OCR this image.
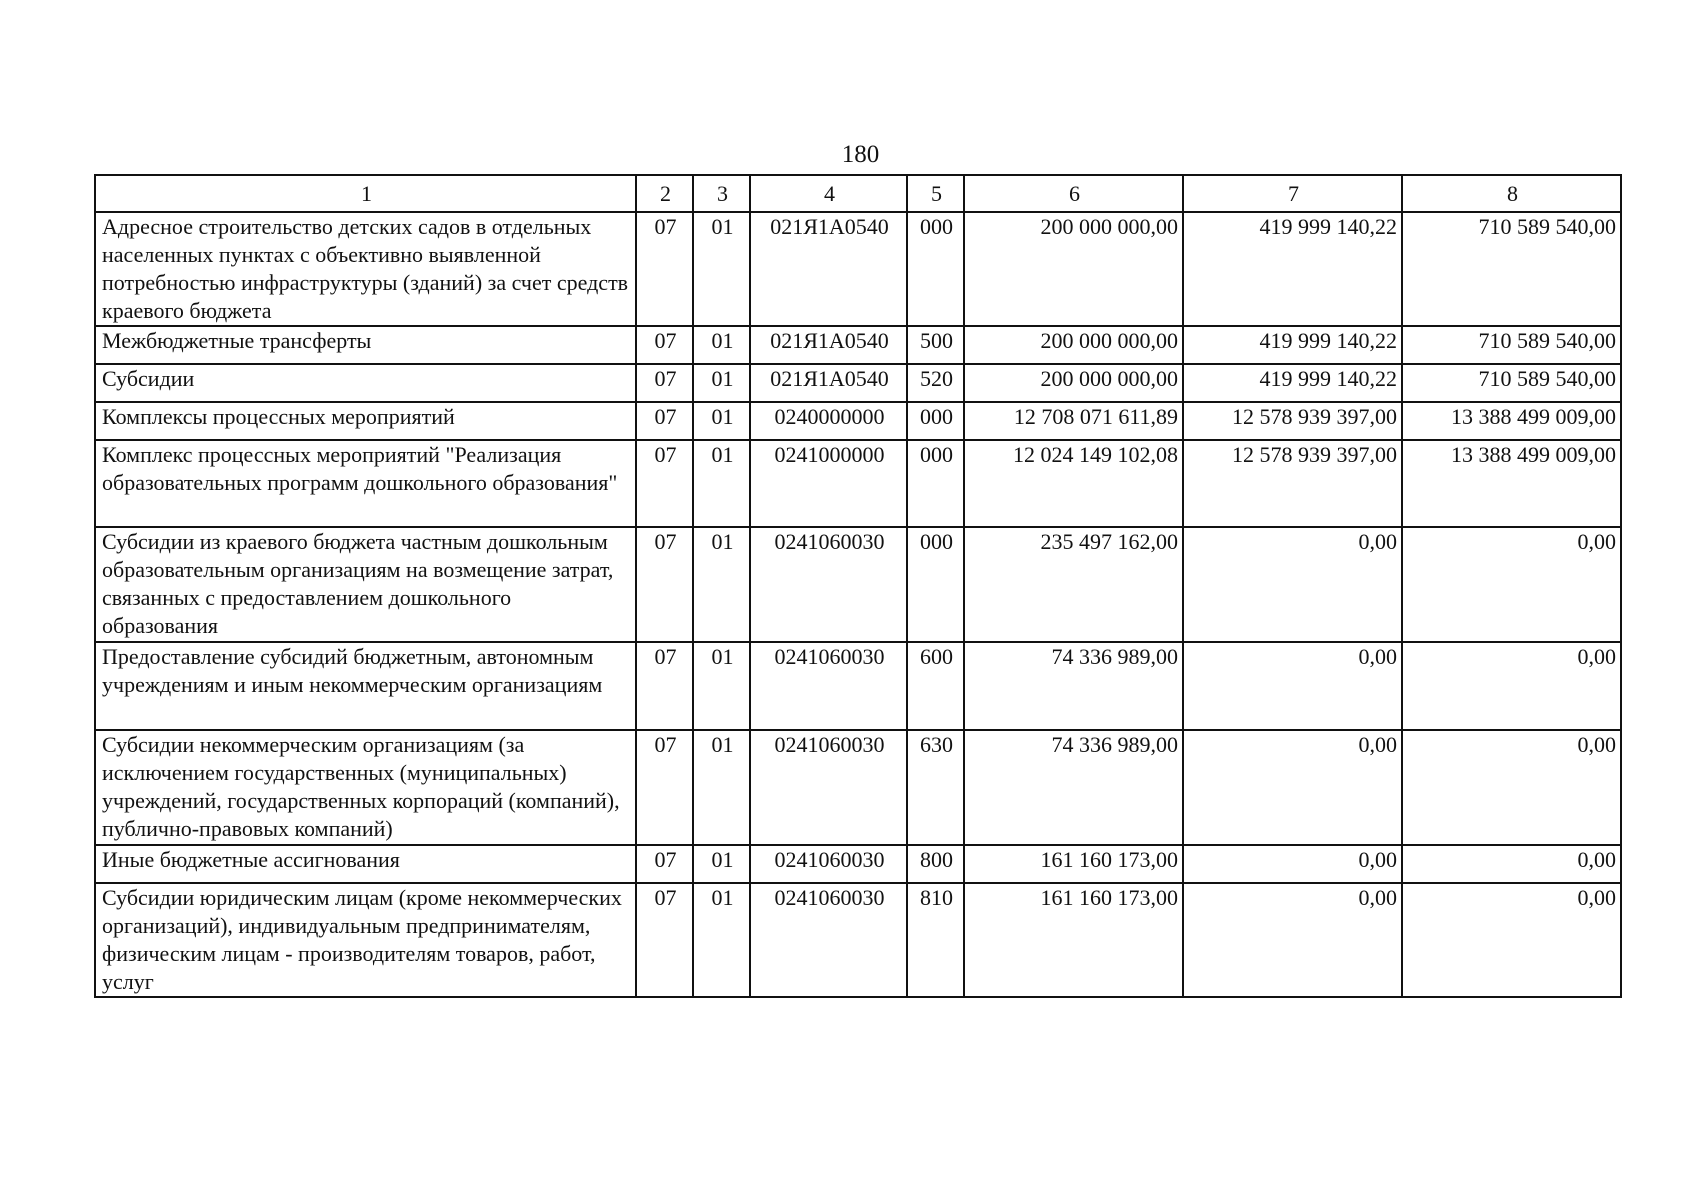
180
1	2	3	4	5	6	7	8
Адресное строительство детских садов в отдельных населенных пунктах с объективно выявленной потребностью инфраструктуры (зданий) за счет средств краевого бюджета	07	01	021Я1А0540	000	200 000 000,00	419 999 140,22	710 589 540,00
Межбюджетные трансферты	07	01	021Я1А0540	500	200 000 000,00	419 999 140,22	710 589 540,00
Субсидии	07	01	021Я1А0540	520	200 000 000,00	419 999 140,22	710 589 540,00
Комплексы процессных мероприятий	07	01	0240000000	000	12 708 071 611,89	12 578 939 397,00	13 388 499 009,00
Комплекс процессных мероприятий "Реализация образовательных программ дошкольного образования"	07	01	0241000000	000	12 024 149 102,08	12 578 939 397,00	13 388 499 009,00
Субсидии из краевого бюджета частным дошкольным образовательным организациям на возмещение затрат, связанных с предоставлением дошкольного образования	07	01	0241060030	000	235 497 162,00	0,00	0,00
Предоставление субсидий бюджетным, автономным учреждениям и иным некоммерческим организациям	07	01	0241060030	600	74 336 989,00	0,00	0,00
Субсидии некоммерческим организациям (за исключением государственных (муниципальных) учреждений, государственных корпораций (компаний), публично-правовых компаний)	07	01	0241060030	630	74 336 989,00	0,00	0,00
Иные бюджетные ассигнования	07	01	0241060030	800	161 160 173,00	0,00	0,00
Субсидии юридическим лицам (кроме некоммерческих организаций), индивидуальным предпринимателям, физическим лицам - производителям товаров, работ, услуг	07	01	0241060030	810	161 160 173,00	0,00	0,00
